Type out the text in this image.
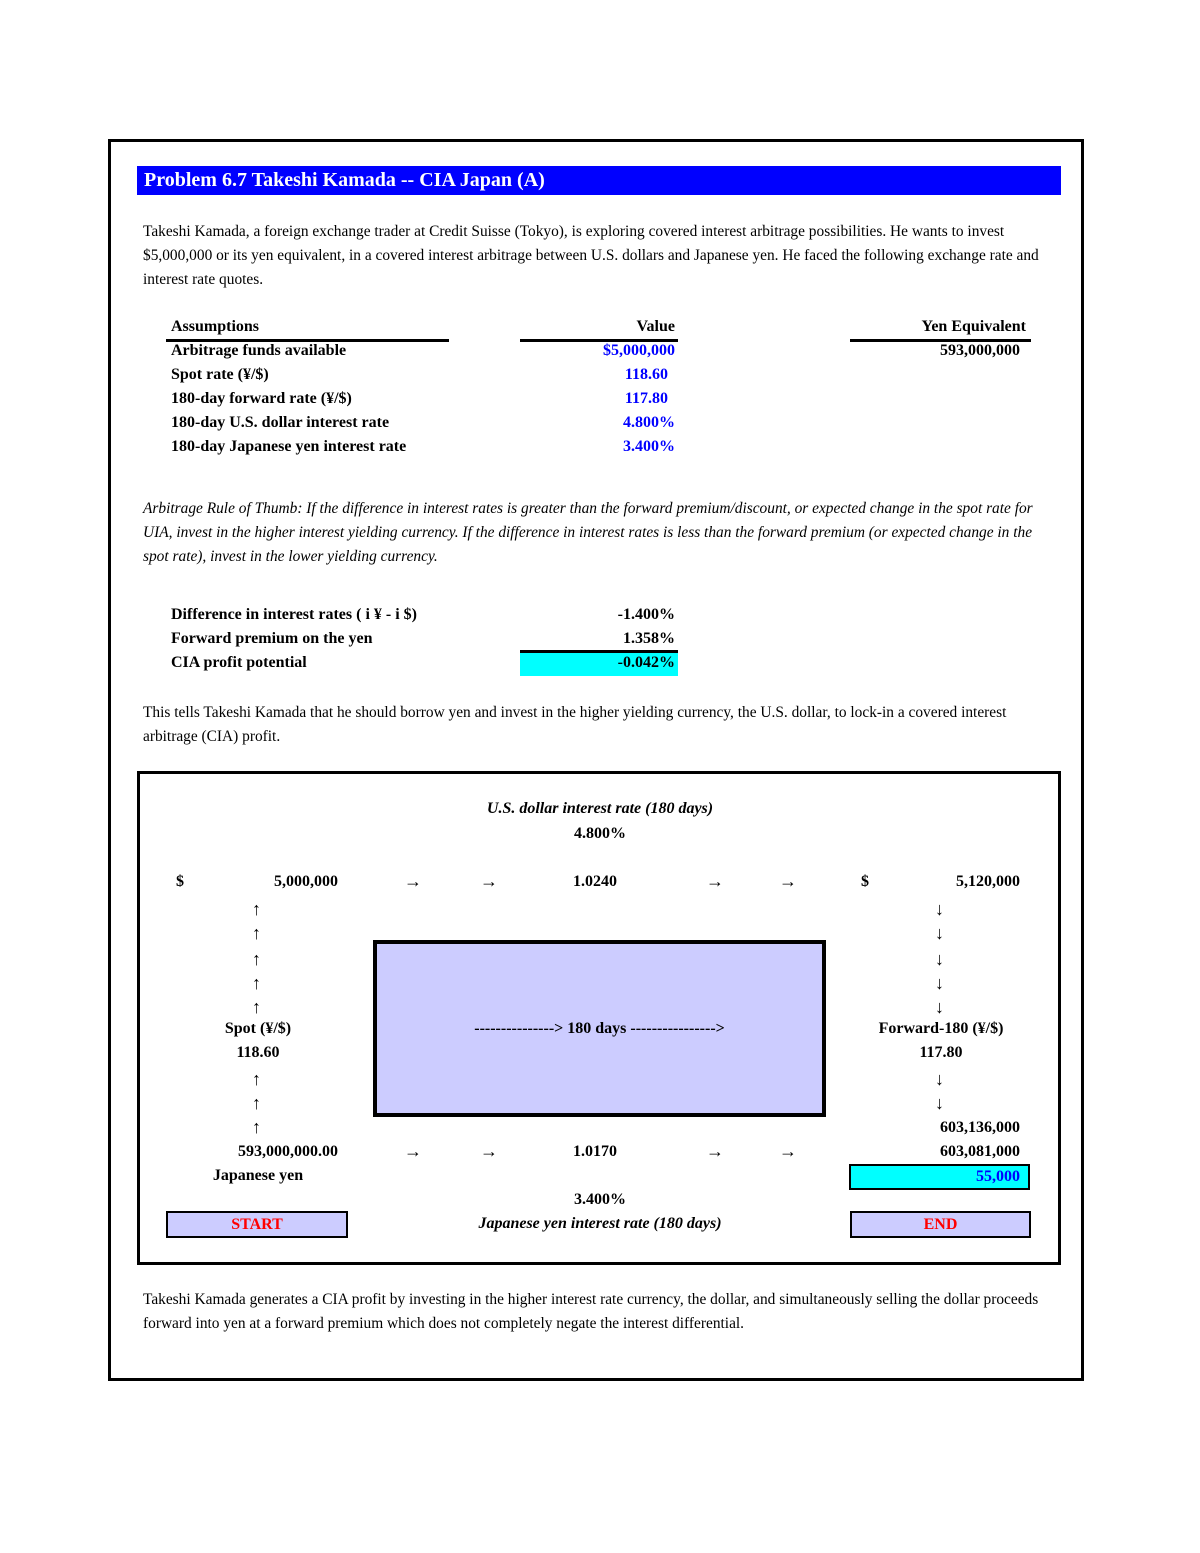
Problem 6.7 Takeshi Kamada -- CIA Japan (A)
Takeshi Kamada, a foreign exchange trader at Credit Suisse (Tokyo), is exploring covered interest arbitrage possibilities. He wants to invest $5,000,000 or its yen equivalent, in a covered interest arbitrage between U.S. dollars and Japanese yen. He faced the following exchange rate and interest rate quotes.
Assumptions	Value	Yen Equivalent
Arbitrage funds available	$5,000,000	593,000,000
Spot rate (¥/$)	118.60
180-day forward rate (¥/$)	117.80
180-day U.S. dollar interest rate	4.800%
180-day Japanese yen interest rate	3.400%
Arbitrage Rule of Thumb: If the difference in interest rates is greater than the forward premium/discount, or expected change in the spot rate for UIA, invest in the higher interest yielding currency. If the difference in interest rates is less than the forward premium (or expected change in the spot rate), invest in the lower yielding currency.
Difference in interest rates ( i ¥ - i $)	-1.400%
Forward premium on the yen	1.358%
CIA profit potential	-0.042%
This tells Takeshi Kamada that he should borrow yen and invest in the higher yielding currency, the U.S. dollar, to lock-in a covered interest arbitrage (CIA) profit.
U.S. dollar interest rate (180 days)
4.800%
$	5,000,000	→	→	1.0240	→	→	$	5,120,000
↑
↑
↑
↑
↑
↓
↓
↓
↓
↓
Spot (¥/$)
118.60
---------------> 180 days ---------------->	Forward-180 (¥/$)
117.80
↑
↑
↑
↓
↓
603,136,000
593,000,000.00	→	→	1.0170	→	→	603,081,000
Japanese yen	55,000
3.400%
Japanese yen interest rate (180 days)
START	END
Takeshi Kamada generates a CIA profit by investing in the higher interest rate currency, the dollar, and simultaneously selling the dollar proceeds forward into yen at a forward premium which does not completely negate the interest differential.
